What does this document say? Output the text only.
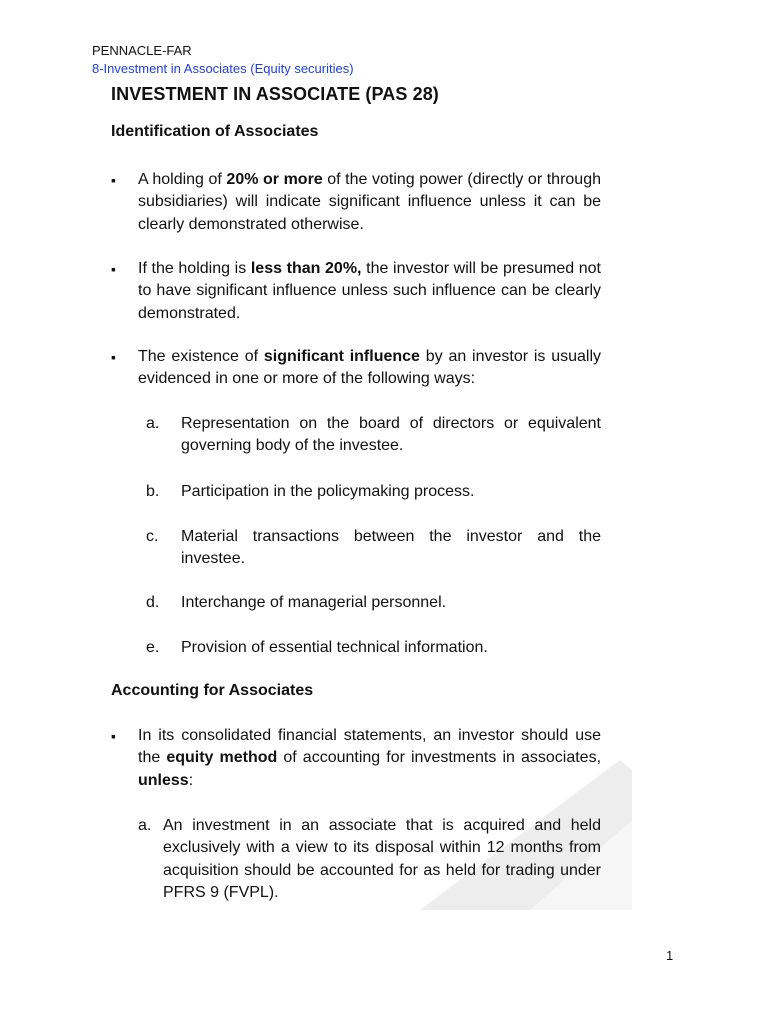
PENNACLE-FAR
8-Investment in Associates (Equity securities)
INVESTMENT IN ASSOCIATE (PAS 28)
Identification of Associates
▪	A holding of 20% or more of the voting power (directly or through subsidiaries) will indicate significant influence unless it can be clearly demonstrated otherwise.
▪	If the holding is less than 20%, the investor will be presumed not to have significant influence unless such influence can be clearly demonstrated.
▪	The existence of significant influence by an investor is usually evidenced in one or more of the following ways:
a.	Representation on the board of directors or equivalent governing body of the investee.
b.	Participation in the policymaking process.
c.	Material transactions between the investor and the investee.
d.	Interchange of managerial personnel.
e.	Provision of essential technical information.
Accounting for Associates
▪	In its consolidated financial statements, an investor should use the equity method of accounting for investments in associates, unless:
a. An investment in an associate that is acquired and held exclusively with a view to its disposal within 12 months from acquisition should be accounted for as held for trading under PFRS 9 (FVPL).
1
